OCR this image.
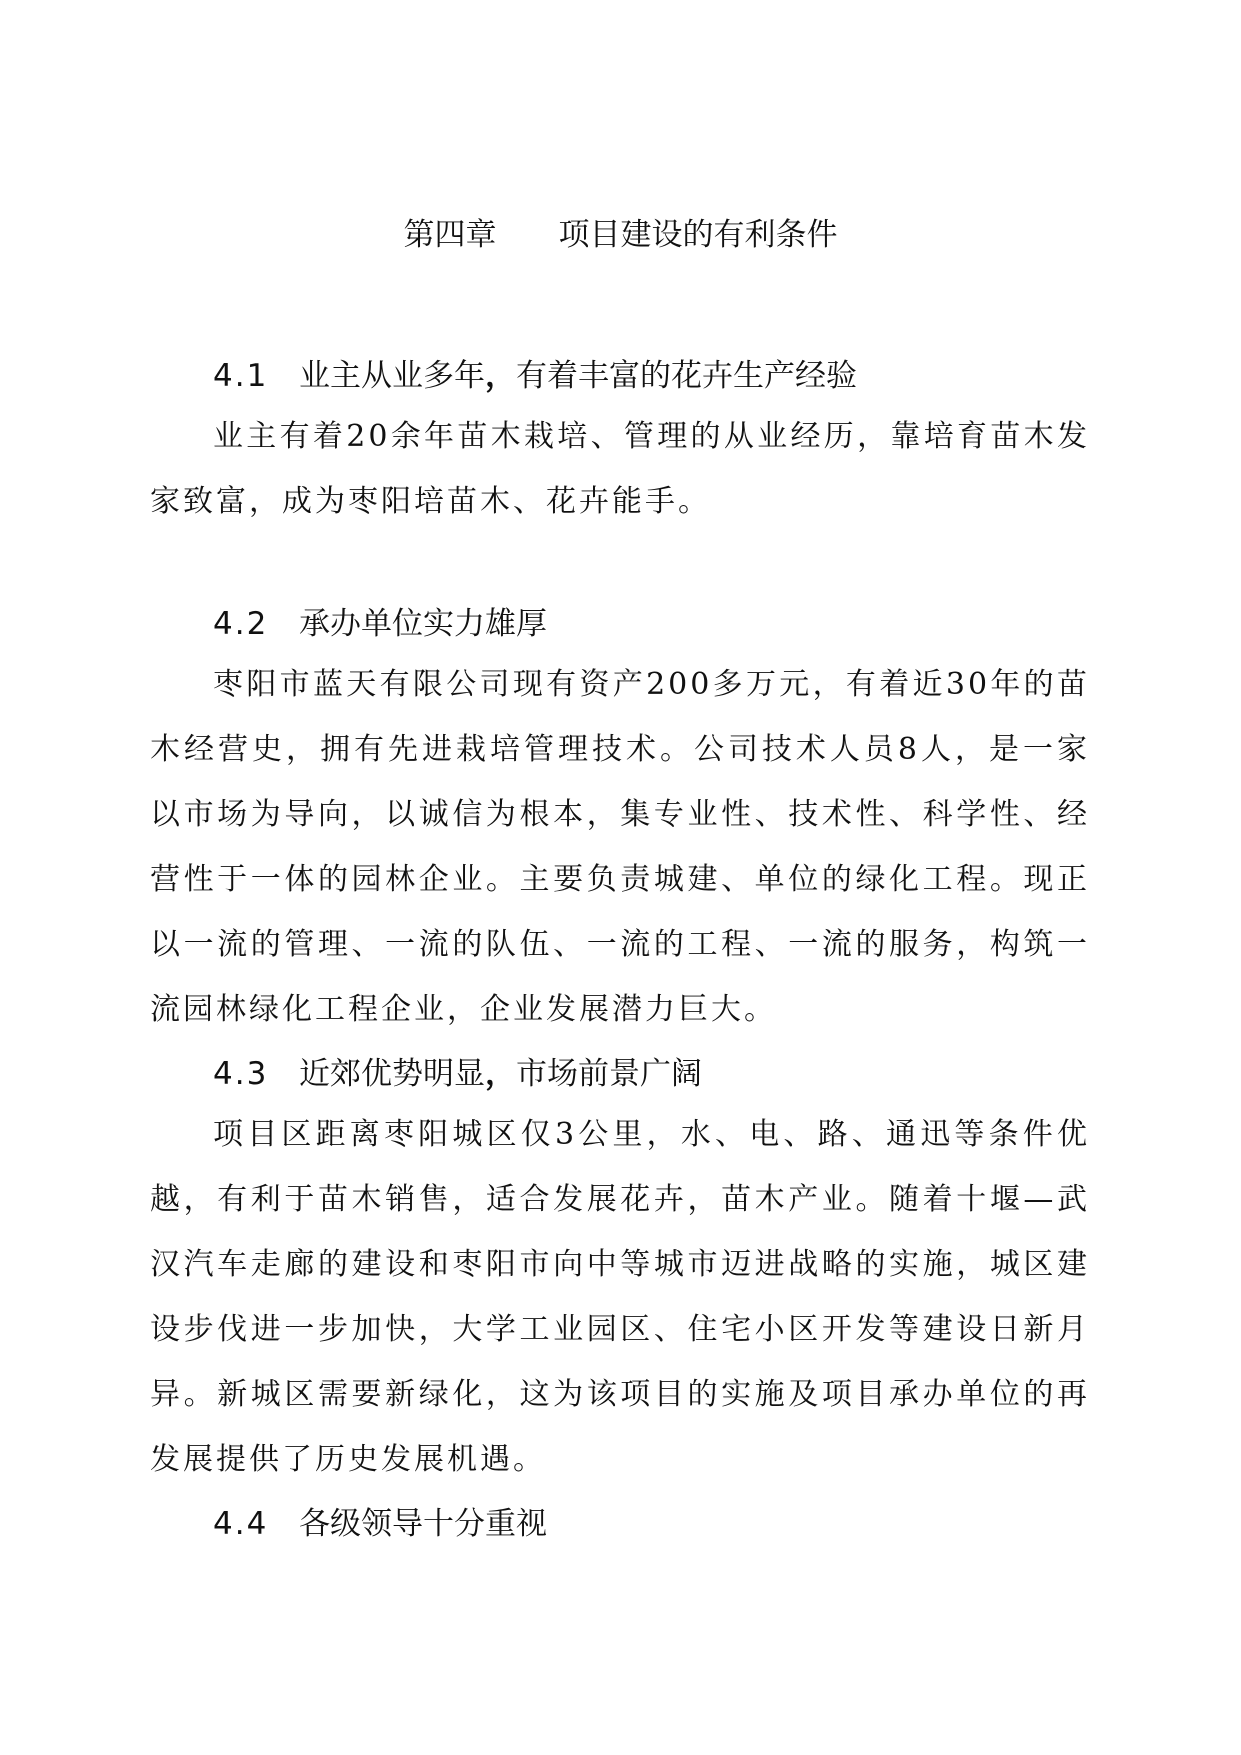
第四章　　项目建设的有利条件
4.1 业主从业多年，有着丰富的花卉生产经验

业主有着20余年苗木栽培、管理的从业经历，靠培育苗木发家致富，成为枣阳培苗木、花卉能手。

4.2 承办单位实力雄厚

枣阳市蓝天有限公司现有资产200多万元，有着近30年的苗木经营史，拥有先进栽培管理技术。公司技术人员8人，是一家以市场为导向，以诚信为根本，集专业性、技术性、科学性、经营性于一体的园林企业。主要负责城建、单位的绿化工程。现正以一流的管理、一流的队伍、一流的工程、一流的服务，构筑一流园林绿化工程企业，企业发展潜力巨大。

4.3 近郊优势明显，市场前景广阔

项目区距离枣阳城区仅3公里，水、电、路、通迅等条件优越，有利于苗木销售，适合发展花卉，苗木产业。随着十堰—武汉汽车走廊的建设和枣阳市向中等城市迈进战略的实施，城区建设步伐进一步加快，大学工业园区、住宅小区开发等建设日新月异。新城区需要新绿化，这为该项目的实施及项目承办单位的再发展提供了历史发展机遇。

4.4 各级领导十分重视
